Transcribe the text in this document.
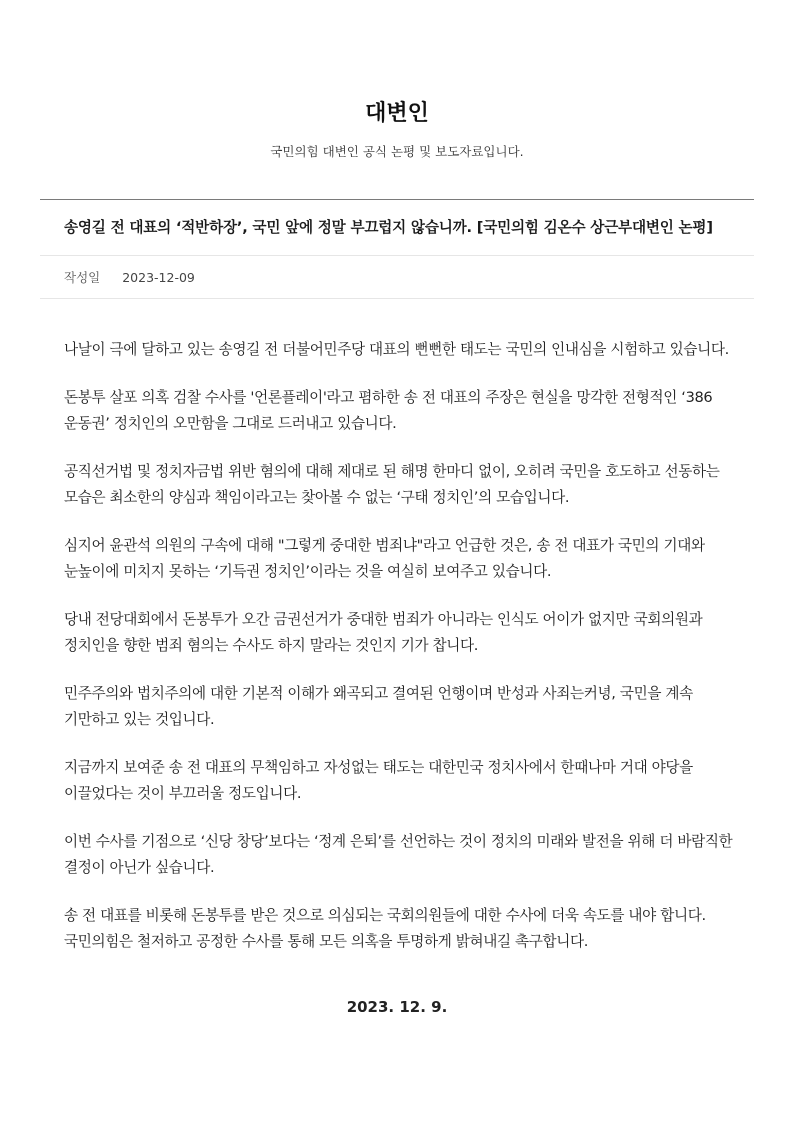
대변인
국민의힘 대변인 공식 논평 및 보도자료입니다.
송영길 전 대표의 ‘적반하장’, 국민 앞에 정말 부끄럽지 않습니까. [국민의힘 김온수 상근부대변인 논평]
작성일 2023-12-09

나날이 극에 달하고 있는 송영길 전 더불어민주당 대표의 뻔뻔한 태도는 국민의 인내심을 시험하고 있습니다.

돈봉투 살포 의혹 검찰 수사를 '언론플레이'라고 폄하한 송 전 대표의 주장은 현실을 망각한 전형적인 ‘386 운동권’ 정치인의 오만함을 그대로 드러내고 있습니다.

공직선거법 및 정치자금법 위반 혐의에 대해 제대로 된 해명 한마디 없이, 오히려 국민을 호도하고 선동하는 모습은 최소한의 양심과 책임이라고는 찾아볼 수 없는 ‘구태 정치인’의 모습입니다.

심지어 윤관석 의원의 구속에 대해 "그렇게 중대한 범죄냐"라고 언급한 것은, 송 전 대표가 국민의 기대와 눈높이에 미치지 못하는 ‘기득권 정치인’이라는 것을 여실히 보여주고 있습니다.

당내 전당대회에서 돈봉투가 오간 금권선거가 중대한 범죄가 아니라는 인식도 어이가 없지만 국회의원과 정치인을 향한 범죄 혐의는 수사도 하지 말라는 것인지 기가 찹니다.

민주주의와 법치주의에 대한 기본적 이해가 왜곡되고 결여된 언행이며 반성과 사죄는커녕, 국민을 계속 기만하고 있는 것입니다.

지금까지 보여준 송 전 대표의 무책임하고 자성없는 태도는 대한민국 정치사에서 한때나마 거대 야당을 이끌었다는 것이 부끄러울 정도입니다.

이번 수사를 기점으로 ‘신당 창당’보다는 ‘정계 은퇴’를 선언하는 것이 정치의 미래와 발전을 위해 더 바람직한 결정이 아닌가 싶습니다.

송 전 대표를 비롯해 돈봉투를 받은 것으로 의심되는 국회의원들에 대한 수사에 더욱 속도를 내야 합니다. 국민의힘은 철저하고 공정한 수사를 통해 모든 의혹을 투명하게 밝혀내길 촉구합니다.

2023. 12. 9.
